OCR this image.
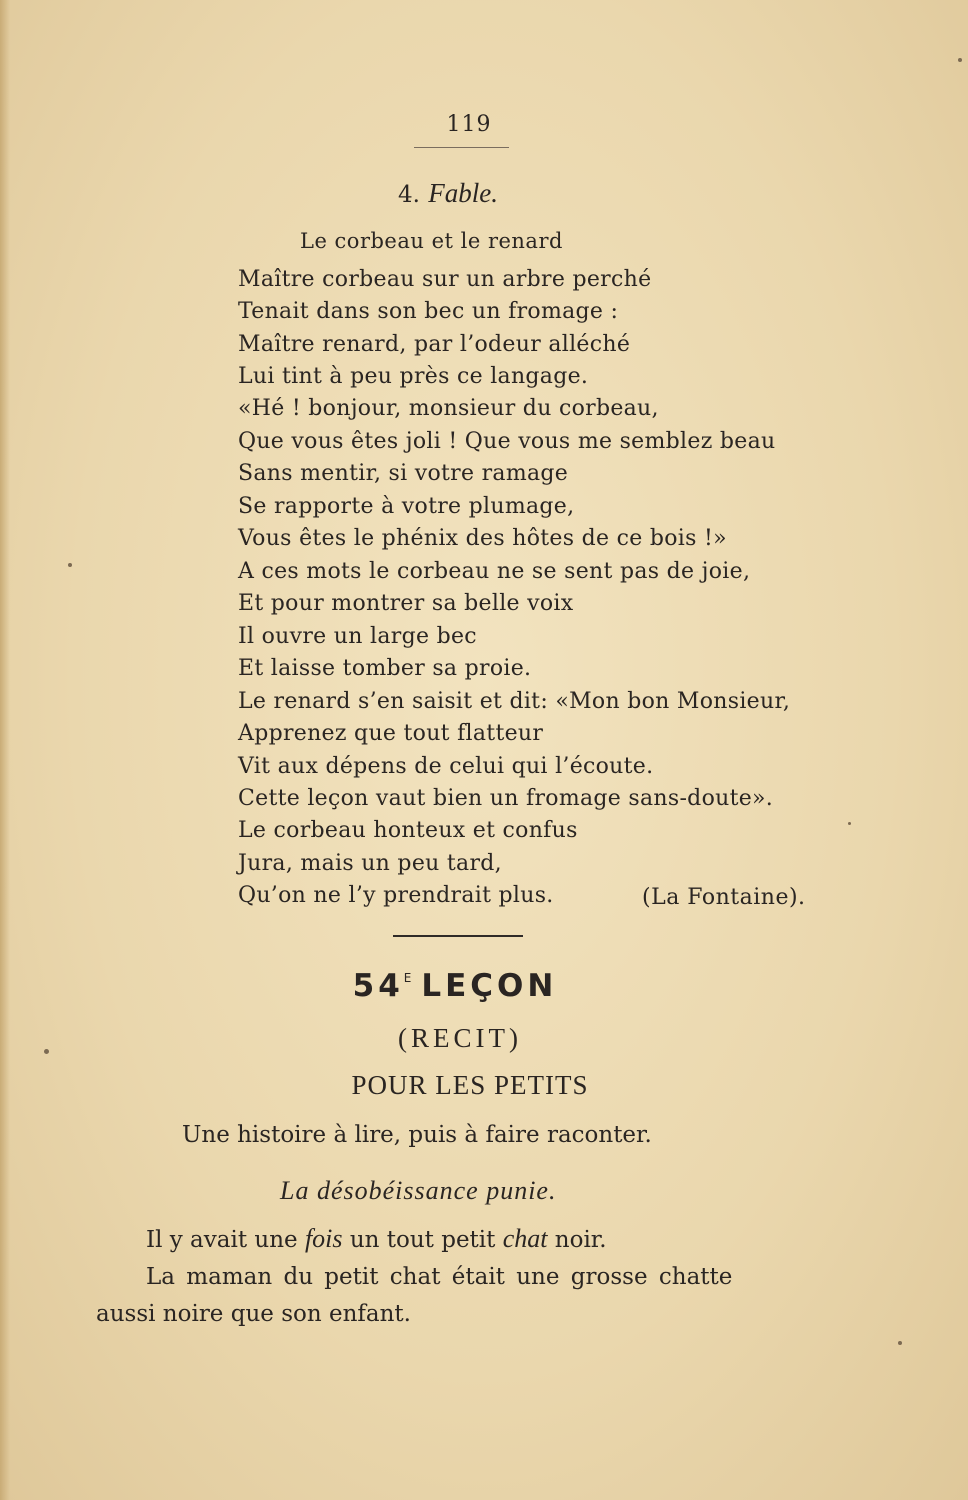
119
4. Fable.
Le corbeau et le renard
Maître corbeau sur un arbre perché
Tenait dans son bec un fromage :
Maître renard, par l’odeur alléché
Lui tint à peu près ce langage.
«Hé ! bonjour, monsieur du corbeau,
Que vous êtes joli ! Que vous me semblez beau
Sans mentir, si votre ramage
Se rapporte à votre plumage,
Vous êtes le phénix des hôtes de ce bois !»
A ces mots le corbeau ne se sent pas de joie,
Et pour montrer sa belle voix
Il ouvre un large bec
Et laisse tomber sa proie.
Le renard s’en saisit et dit: «Mon bon Monsieur,
Apprenez que tout flatteur
Vit aux dépens de celui qui l’écoute.
Cette leçon vaut bien un fromage sans-doute».
Le corbeau honteux et confus
Jura, mais un peu tard,
Qu’on ne l’y prendrait plus.	(La Fontaine).
$54^E$ LEÇON
(RECIT)
POUR LES PETITS
Une histoire à lire, puis à faire raconter.
La désobéissance punie.
Il y avait une fois un tout petit chat noir.
La maman du petit chat était une grosse chatte
aussi noire que son enfant.
